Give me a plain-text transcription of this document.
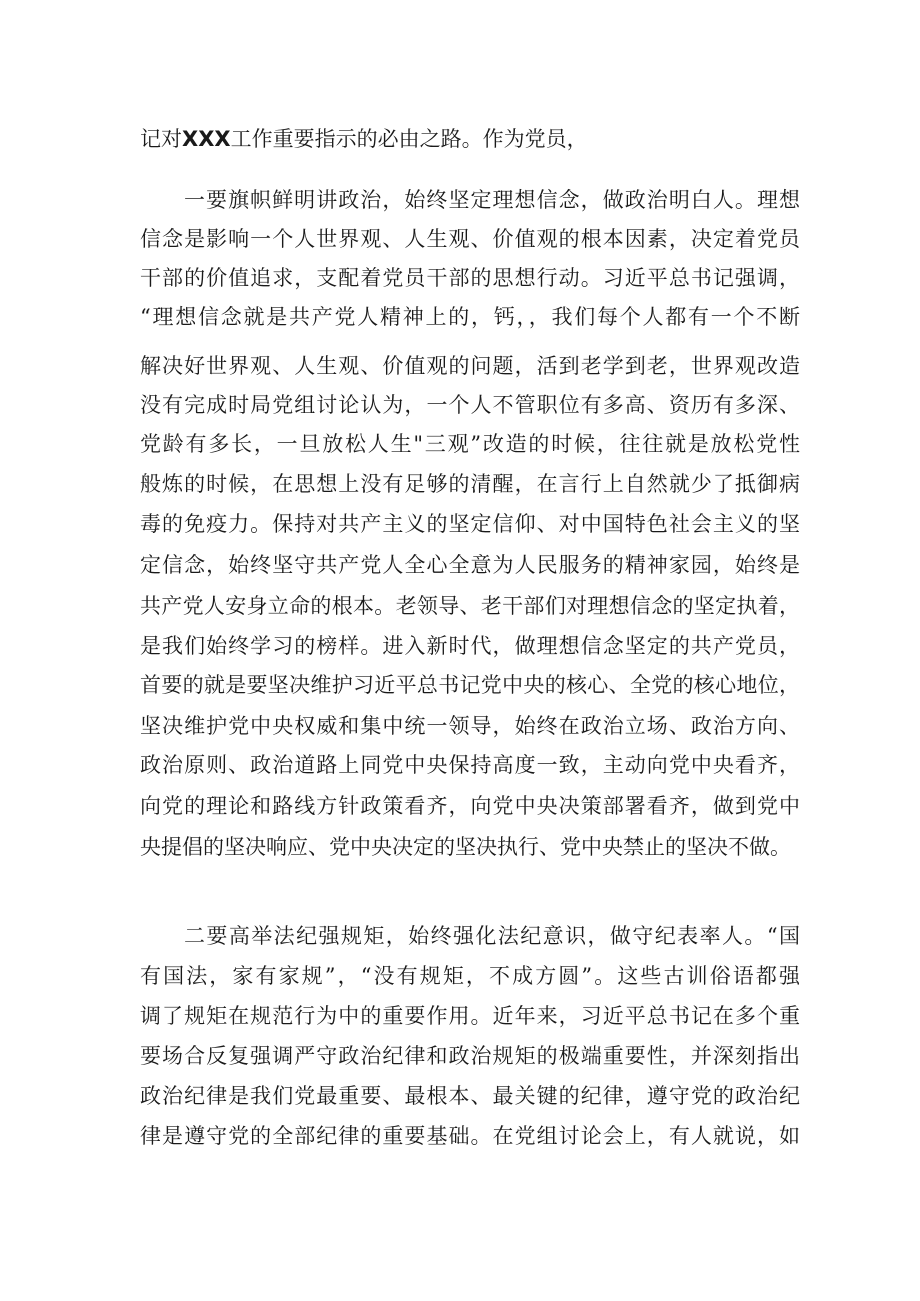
记对XXX工作重要指示的必由之路。作为党员，
一要旗帜鲜明讲政治，始终坚定理想信念，做政治明白人。理想
信念是影响一个人世界观、人生观、价值观的根本因素，决定着党员
干部的价值追求，支配着党员干部的思想行动。习近平总书记强调，
“理想信念就是共产党人精神上的，钙，，我们每个人都有一个不断
解决好世界观、人生观、价值观的问题，活到老学到老，世界观改造
没有完成时局党组讨论认为，一个人不管职位有多高、资历有多深、
党龄有多长，一旦放松人生"三观”改造的时候，往往就是放松党性
般炼的时候，在思想上没有足够的清醒，在言行上自然就少了抵御病
毒的免疫力。保持对共产主义的坚定信仰、对中国特色社会主义的坚
定信念，始终坚守共产党人全心全意为人民服务的精神家园，始终是
共产党人安身立命的根本。老领导、老干部们对理想信念的坚定执着，
是我们始终学习的榜样。进入新时代，做理想信念坚定的共产党员，
首要的就是要坚决维护习近平总书记党中央的核心、全党的核心地位，
坚决维护党中央权威和集中统一领导，始终在政治立场、政治方向、
政治原则、政治道路上同党中央保持高度一致，主动向党中央看齐，
向党的理论和路线方针政策看齐，向党中央决策部署看齐，做到党中
央提倡的坚决响应、党中央决定的坚决执行、党中央禁止的坚决不做。
二要高举法纪强规矩，始终强化法纪意识，做守纪表率人。“国
有国法，家有家规”，“没有规矩，不成方圆”。这些古训俗语都强
调了规矩在规范行为中的重要作用。近年来，习近平总书记在多个重
要场合反复强调严守政治纪律和政治规矩的极端重要性，并深刻指出
政治纪律是我们党最重要、最根本、最关键的纪律，遵守党的政治纪
律是遵守党的全部纪律的重要基础。在党组讨论会上，有人就说，如
